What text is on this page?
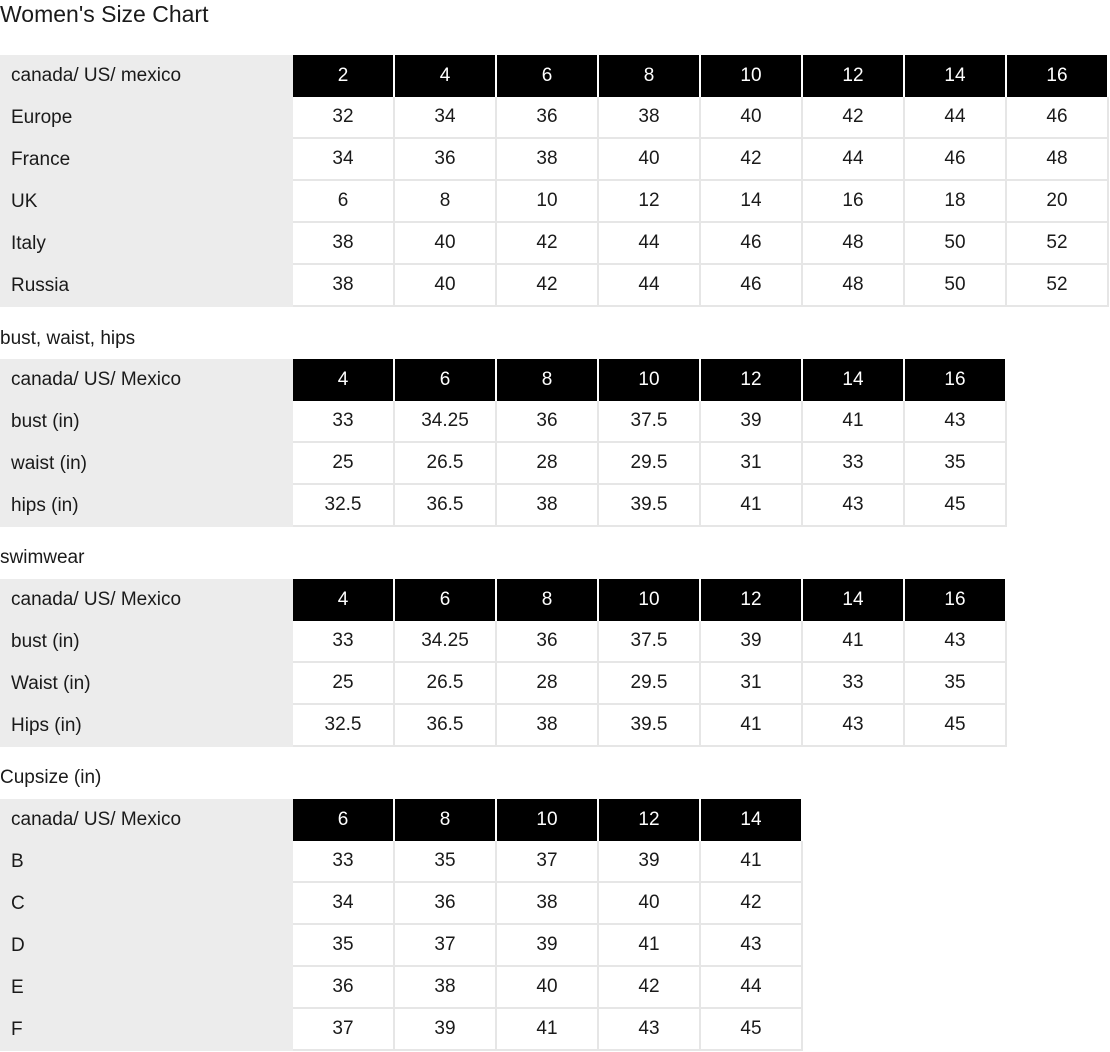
Women's Size Chart
canada/ US/ mexico	2	4	6	8	10	12	14	16
Europe	32	34	36	38	40	42	44	46
France	34	36	38	40	42	44	46	48
UK	6	8	10	12	14	16	18	20
Italy	38	40	42	44	46	48	50	52
Russia	38	40	42	44	46	48	50	52
bust, waist, hips
canada/ US/ Mexico	4	6	8	10	12	14	16
bust (in)	33	34.25	36	37.5	39	41	43
waist (in)	25	26.5	28	29.5	31	33	35
hips (in)	32.5	36.5	38	39.5	41	43	45
swimwear
canada/ US/ Mexico	4	6	8	10	12	14	16
bust (in)	33	34.25	36	37.5	39	41	43
Waist (in)	25	26.5	28	29.5	31	33	35
Hips (in)	32.5	36.5	38	39.5	41	43	45
Cupsize (in)
canada/ US/ Mexico	6	8	10	12	14
B	33	35	37	39	41
C	34	36	38	40	42
D	35	37	39	41	43
E	36	38	40	42	44
F	37	39	41	43	45
